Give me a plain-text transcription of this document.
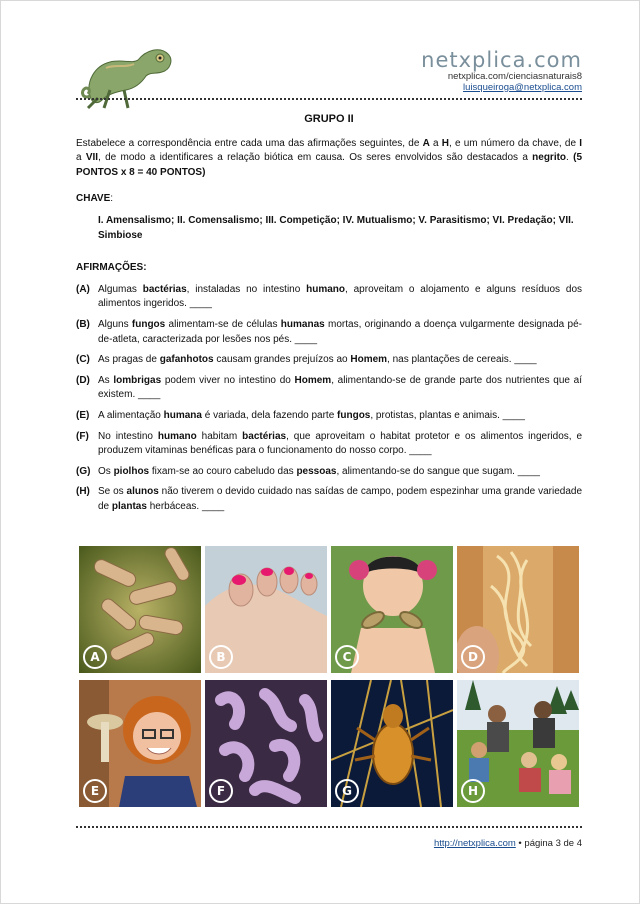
netxplica.com
netxplica.com/cienciasnaturais8
luisqueiroga@netxplica.com
GRUPO II

Estabelece a correspondência entre cada uma das afirmações seguintes, de A a H, e um número da chave, de I a VII, de modo a identificares a relação biótica em causa. Os seres envolvidos são destacados a negrito. (5 PONTOS x 8 = 40 PONTOS)

CHAVE:

I. Amensalismo; II. Comensalismo; III. Competição; IV. Mutualismo; V. Parasitismo; VI. Predação; VII. Simbiose

AFIRMAÇÕES:

(A) Algumas bactérias, instaladas no intestino humano, aproveitam o alojamento e alguns resíduos dos alimentos ingeridos. ____
(B) Alguns fungos alimentam-se de células humanas mortas, originando a doença vulgarmente designada pé-de-atleta, caracterizada por lesões nos pés. ____
(C) As pragas de gafanhotos causam grandes prejuízos ao Homem, nas plantações de cereais. ____
(D) As lombrigas podem viver no intestino do Homem, alimentando-se de grande parte dos nutrientes que aí existem. ____
(E) A alimentação humana é variada, dela fazendo parte fungos, protistas, plantas e animais. ____
(F) No intestino humano habitam bactérias, que aproveitam o habitat protetor e os alimentos ingeridos, e produzem vitaminas benéficas para o funcionamento do nosso corpo. ____
(G) Os piolhos fixam-se ao couro cabeludo das pessoas, alimentando-se do sangue que sugam. ____
(H) Se os alunos não tiverem o devido cuidado nas saídas de campo, podem espezinhar uma grande variedade de plantas herbáceas. ____
A	B	C	D
E	F	G	H
http://netxplica.com • página 3 de 4
